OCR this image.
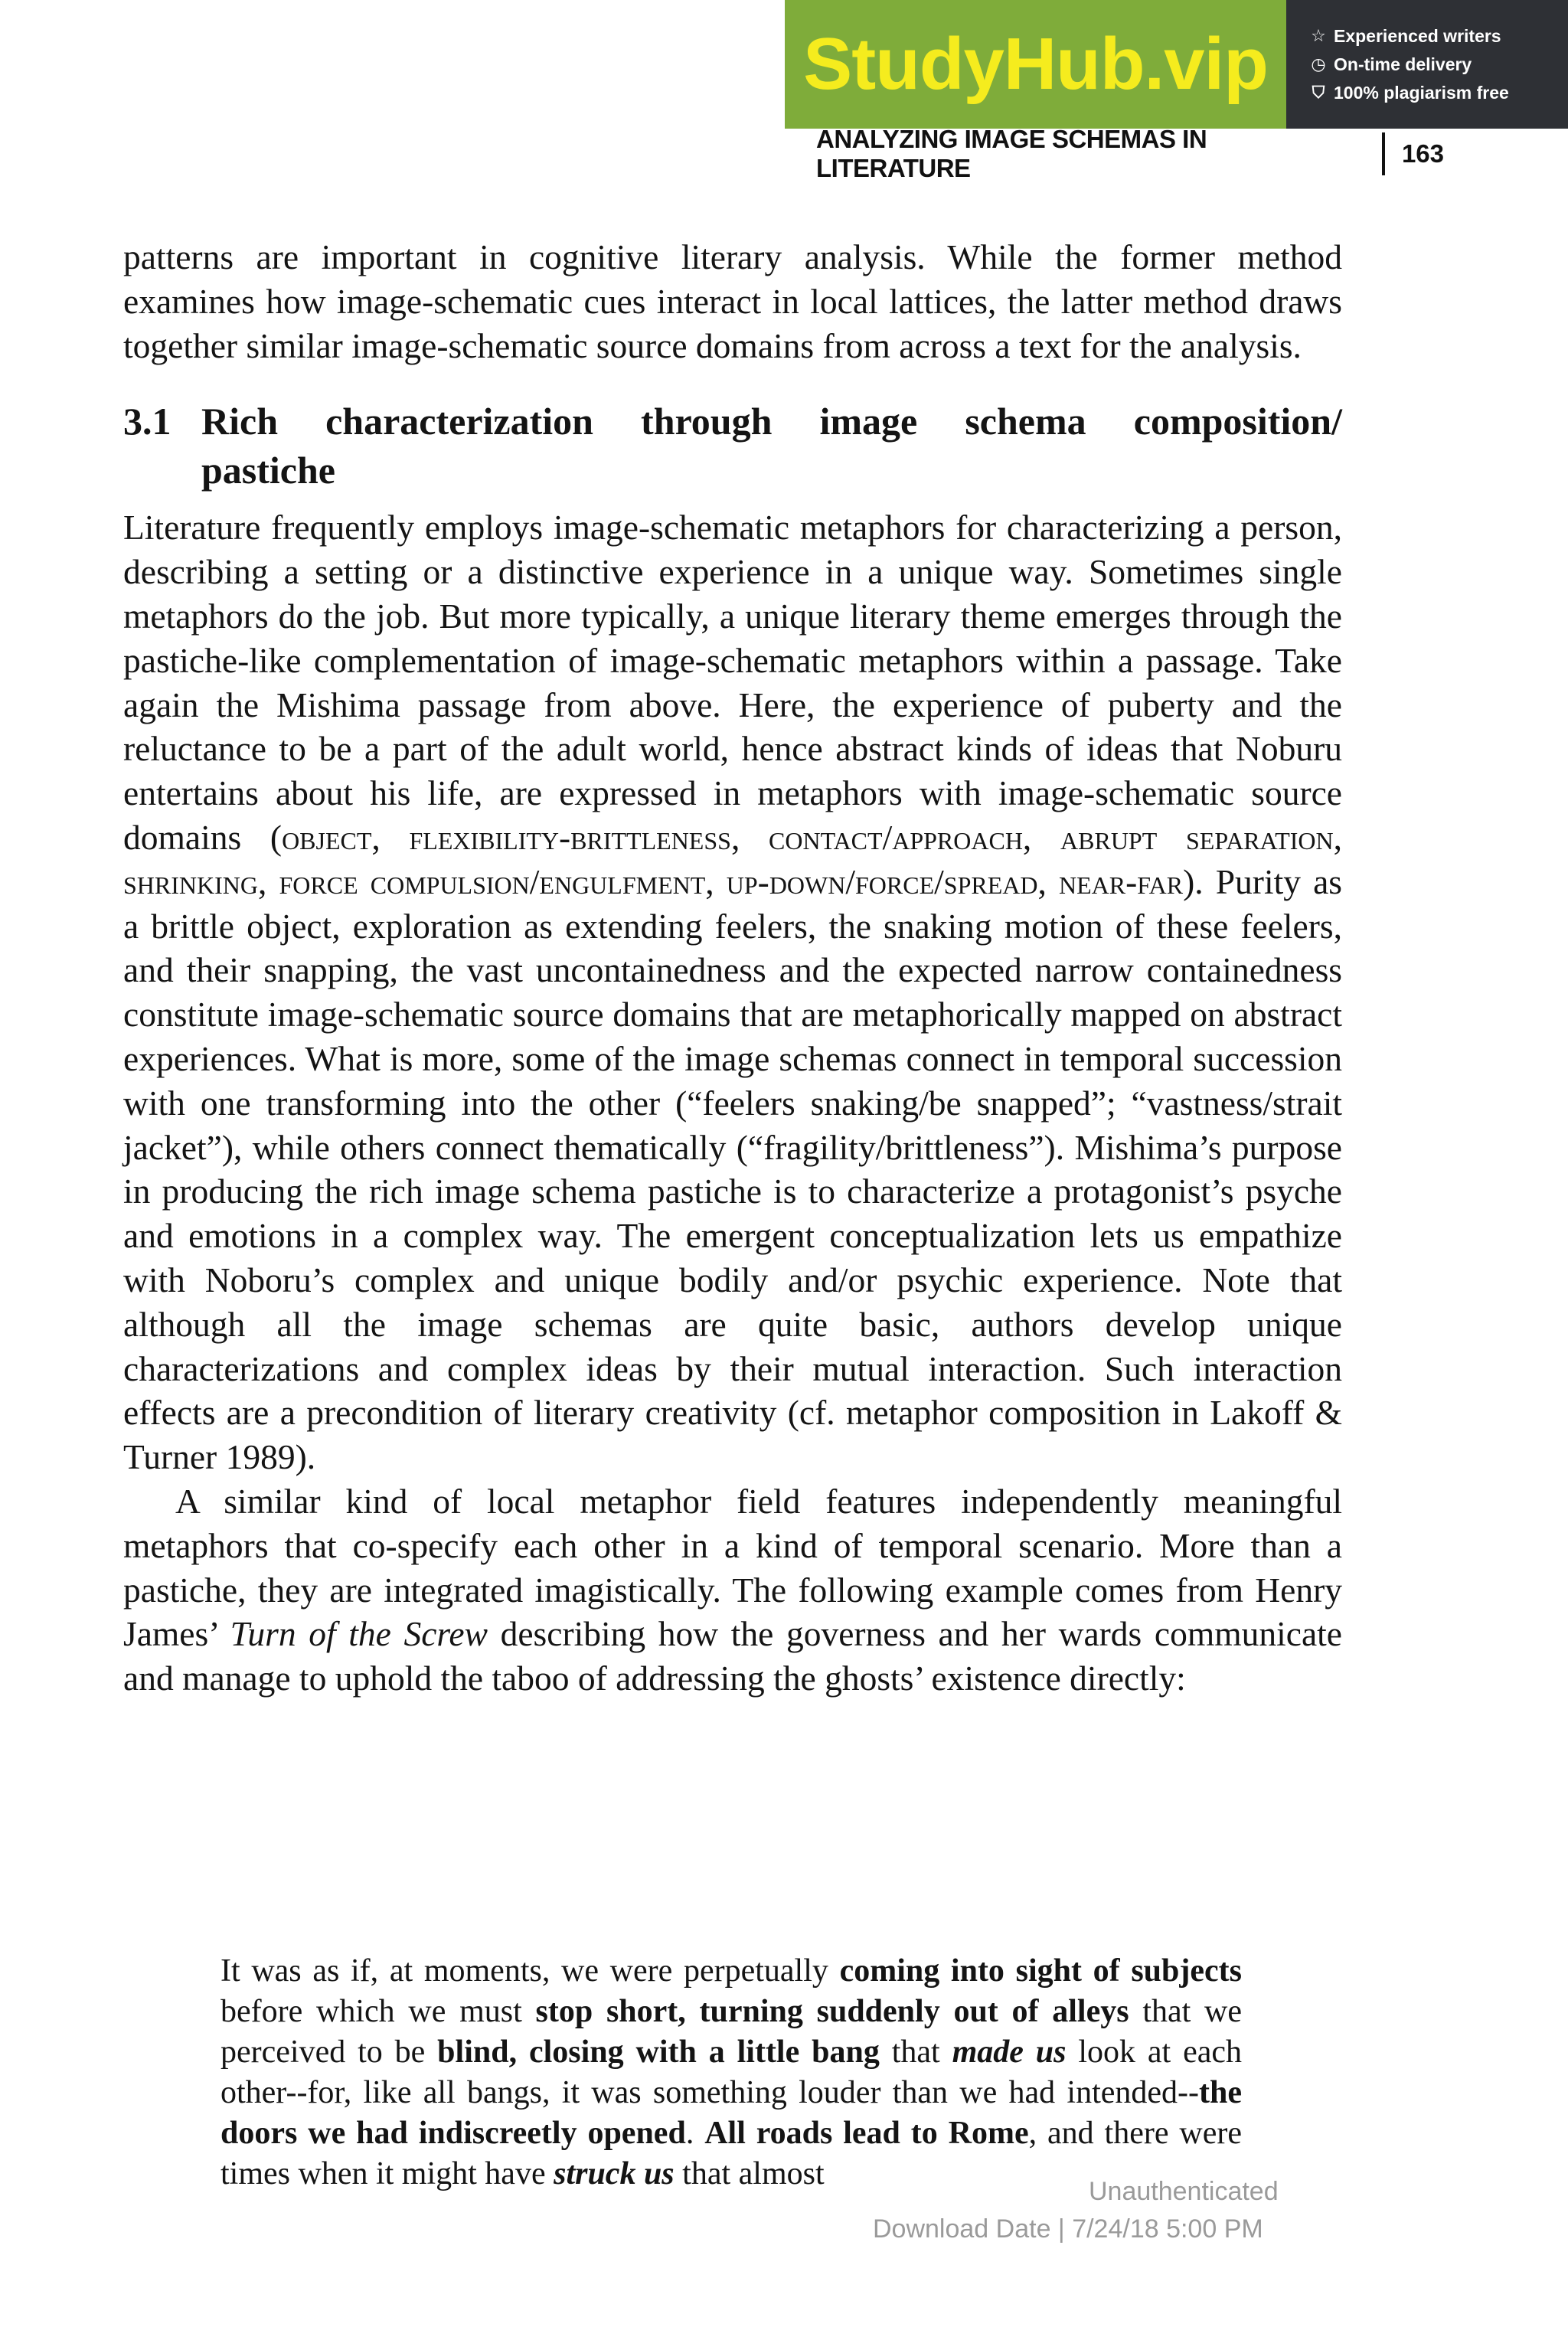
StudyHub.vip	☆ Experienced writers
◷ On-time delivery
⛉ 100% plagiarism free
ANALYZING IMAGE SCHEMAS IN LITERATURE
163

patterns are important in cognitive literary analysis. While the former method examines how image-schematic cues interact in local lattices, the latter method draws together similar image-schematic source domains from across a text for the analysis.

3.1 Rich characterization through image schema composition/
pastiche

Literature frequently employs image-schematic metaphors for characterizing a person, describing a setting or a distinctive experience in a unique way. Sometimes single metaphors do the job. But more typically, a unique literary theme emerges through the pastiche-like complementation of image-schematic metaphors within a passage. Take again the Mishima passage from above. Here, the experience of puberty and the reluctance to be a part of the adult world, hence abstract kinds of ideas that Noburu entertains about his life, are expressed in metaphors with image-schematic source domains (object, flexibility-brittleness, contact/approach, abrupt separation, shrinking, force compulsion/engulfment, up-down/force/spread, near-far). Purity as a brittle object, exploration as extending feelers, the snaking motion of these feelers, and their snapping, the vast uncontainedness and the expected narrow containedness constitute image-schematic source domains that are metaphorically mapped on abstract experiences. What is more, some of the image schemas connect in temporal succession with one transforming into the other (“feelers snaking/be snapped”; “vastness/strait jacket”), while others connect thematically (“fragility/brittleness”). Mishima’s purpose in producing the rich image schema pastiche is to characterize a protagonist’s psyche and emotions in a complex way. The emergent conceptualization lets us empathize with Noboru’s complex and unique bodily and/or psychic experience. Note that although all the image schemas are quite basic, authors develop unique characterizations and complex ideas by their mutual interaction. Such interaction effects are a precondition of literary creativity (cf. metaphor composition in Lakoff & Turner 1989).

A similar kind of local metaphor field features independently meaningful metaphors that co-specify each other in a kind of temporal scenario. More than a pastiche, they are integrated imagistically. The following example comes from Henry James’ Turn of the Screw describing how the governess and her wards communicate and manage to uphold the taboo of addressing the ghosts’ existence directly:

It was as if, at moments, we were perpetually coming into sight of subjects before which we must stop short, turning suddenly out of alleys that we perceived to be blind, closing with a little bang that made us look at each other--for, like all bangs, it was something louder than we had intended--the doors we had indiscreetly opened. All roads lead to Rome, and there were times when it might have struck us that almost	Unauthenticated
Download Date | 7/24/18 5:00 PM
